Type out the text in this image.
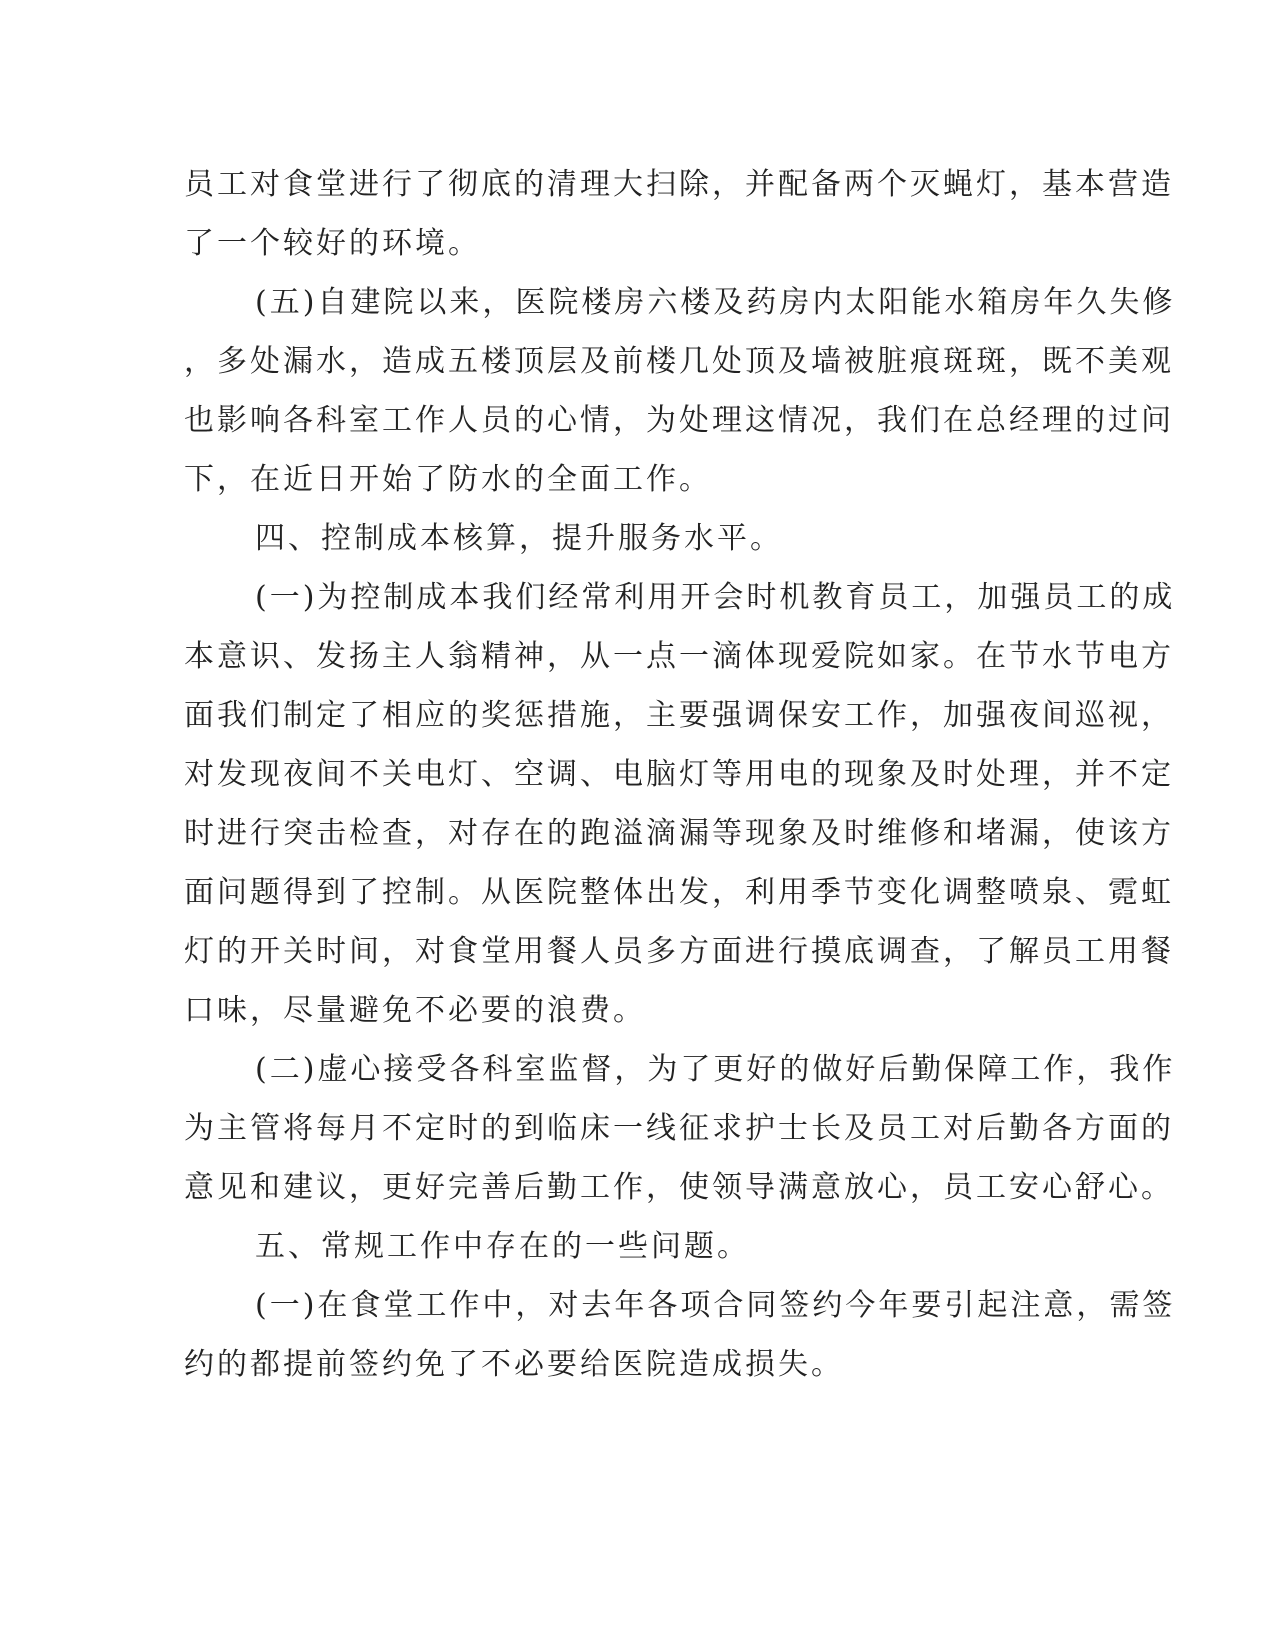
员工对食堂进行了彻底的清理大扫除，并配备两个灭蝇灯，基本营造
了一个较好的环境。
(五)自建院以来，医院楼房六楼及药房内太阳能水箱房年久失修
，多处漏水，造成五楼顶层及前楼几处顶及墙被脏痕斑斑，既不美观
也影响各科室工作人员的心情，为处理这情况，我们在总经理的过问
下，在近日开始了防水的全面工作。
四、控制成本核算，提升服务水平。
(一)为控制成本我们经常利用开会时机教育员工，加强员工的成
本意识、发扬主人翁精神，从一点一滴体现爱院如家。在节水节电方
面我们制定了相应的奖惩措施，主要强调保安工作，加强夜间巡视，
对发现夜间不关电灯、空调、电脑灯等用电的现象及时处理，并不定
时进行突击检查，对存在的跑溢滴漏等现象及时维修和堵漏，使该方
面问题得到了控制。从医院整体出发，利用季节变化调整喷泉、霓虹
灯的开关时间，对食堂用餐人员多方面进行摸底调查，了解员工用餐
口味，尽量避免不必要的浪费。
(二)虚心接受各科室监督，为了更好的做好后勤保障工作，我作
为主管将每月不定时的到临床一线征求护士长及员工对后勤各方面的
意见和建议，更好完善后勤工作，使领导满意放心，员工安心舒心。
五、常规工作中存在的一些问题。
(一)在食堂工作中，对去年各项合同签约今年要引起注意，需签
约的都提前签约免了不必要给医院造成损失。
